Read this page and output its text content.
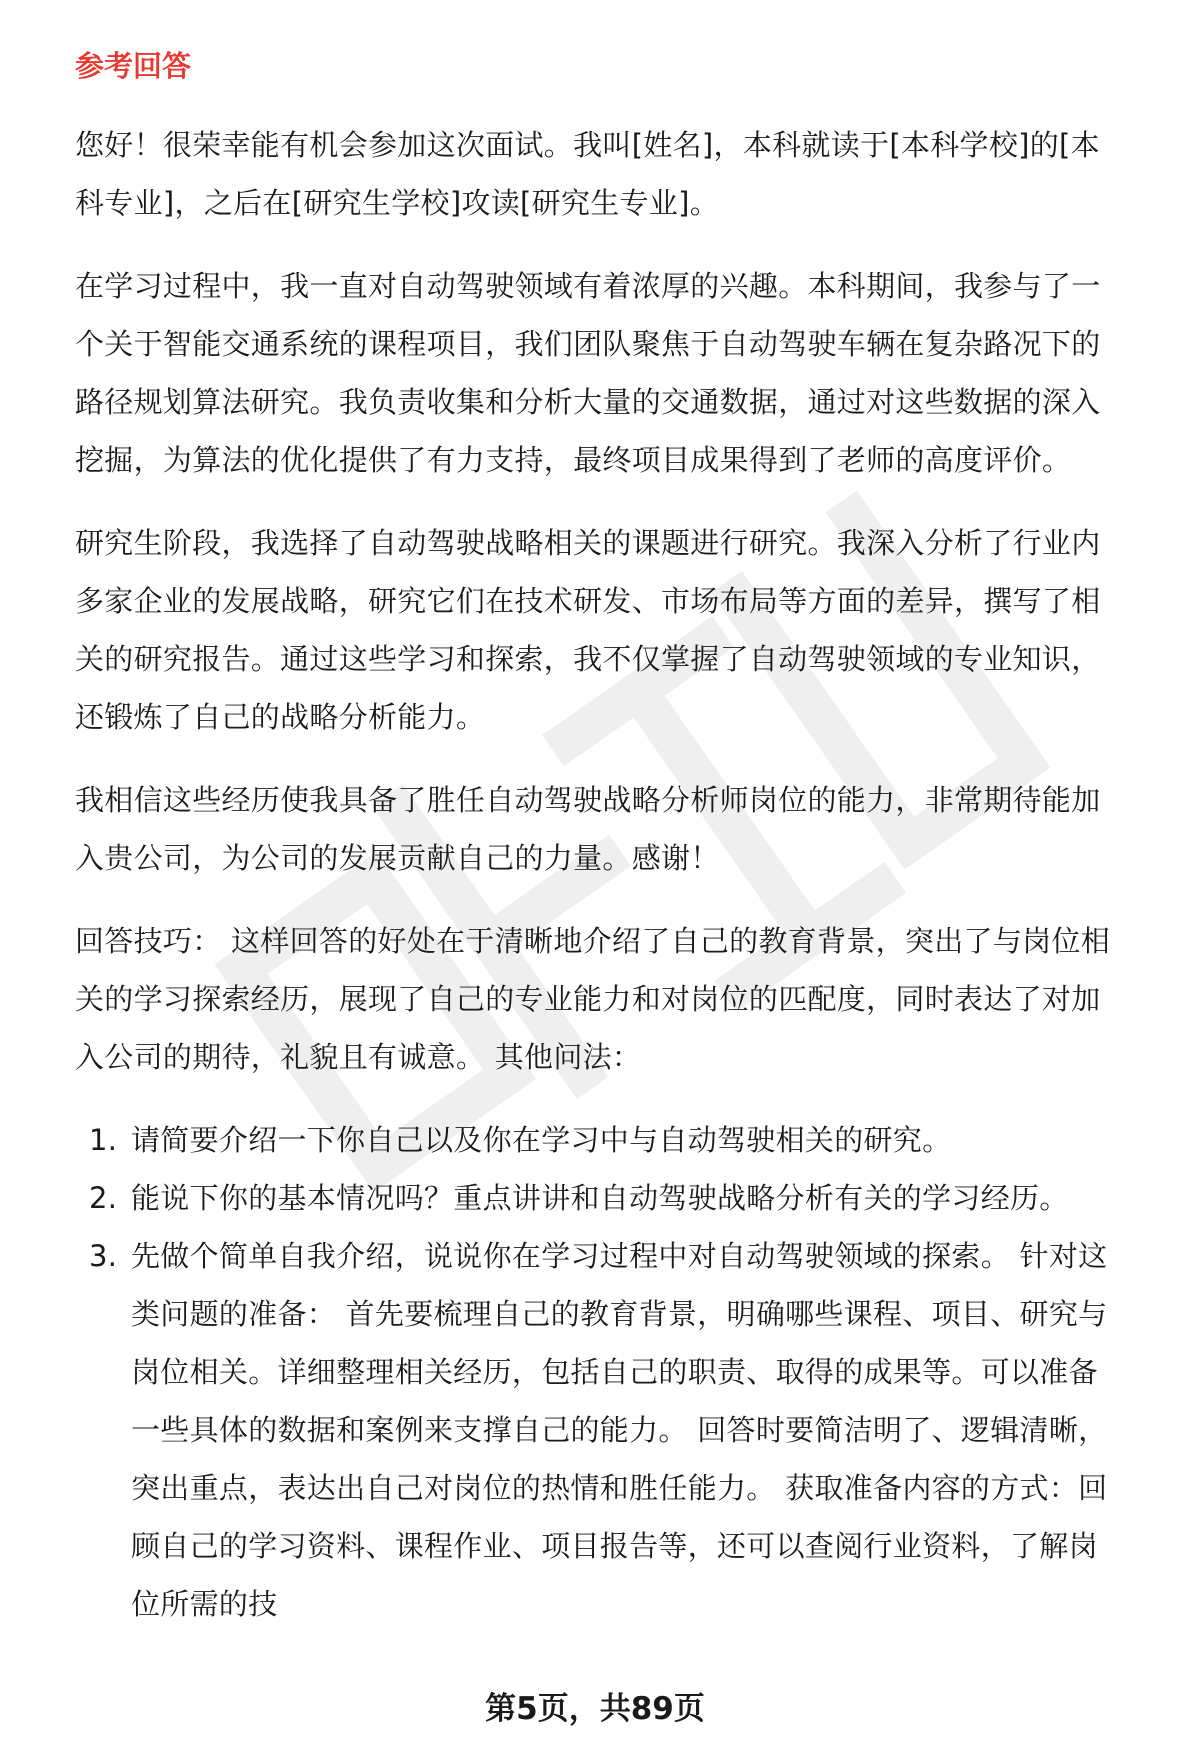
参考回答

您好！很荣幸能有机会参加这次面试。我叫[姓名]，本科就读于[本科学校]的[本科专业]，之后在[研究生学校]攻读[研究生专业]。

在学习过程中，我一直对自动驾驶领域有着浓厚的兴趣。本科期间，我参与了一个关于智能交通系统的课程项目，我们团队聚焦于自动驾驶车辆在复杂路况下的路径规划算法研究。我负责收集和分析大量的交通数据，通过对这些数据的深入挖掘，为算法的优化提供了有力支持，最终项目成果得到了老师的高度评价。

研究生阶段，我选择了自动驾驶战略相关的课题进行研究。我深入分析了行业内多家企业的发展战略，研究它们在技术研发、市场布局等方面的差异，撰写了相关的研究报告。通过这些学习和探索，我不仅掌握了自动驾驶领域的专业知识，还锻炼了自己的战略分析能力。

我相信这些经历使我具备了胜任自动驾驶战略分析师岗位的能力，非常期待能加入贵公司，为公司的发展贡献自己的力量。感谢！

回答技巧： 这样回答的好处在于清晰地介绍了自己的教育背景，突出了与岗位相关的学习探索经历，展现了自己的专业能力和对岗位的匹配度，同时表达了对加入公司的期待，礼貌且有诚意。 其他问法：

1. 请简要介绍一下你自己以及你在学习中与自动驾驶相关的研究。
2. 能说下你的基本情况吗？重点讲讲和自动驾驶战略分析有关的学习经历。
3. 先做个简单自我介绍，说说你在学习过程中对自动驾驶领域的探索。 针对这类问题的准备： 首先要梳理自己的教育背景，明确哪些课程、项目、研究与岗位相关。详细整理相关经历，包括自己的职责、取得的成果等。可以准备一些具体的数据和案例来支撑自己的能力。 回答时要简洁明了、逻辑清晰，突出重点，表达出自己对岗位的热情和胜任能力。 获取准备内容的方式：回顾自己的学习资料、课程作业、项目报告等，还可以查阅行业资料，了解岗位所需的技
第5页，共89页
